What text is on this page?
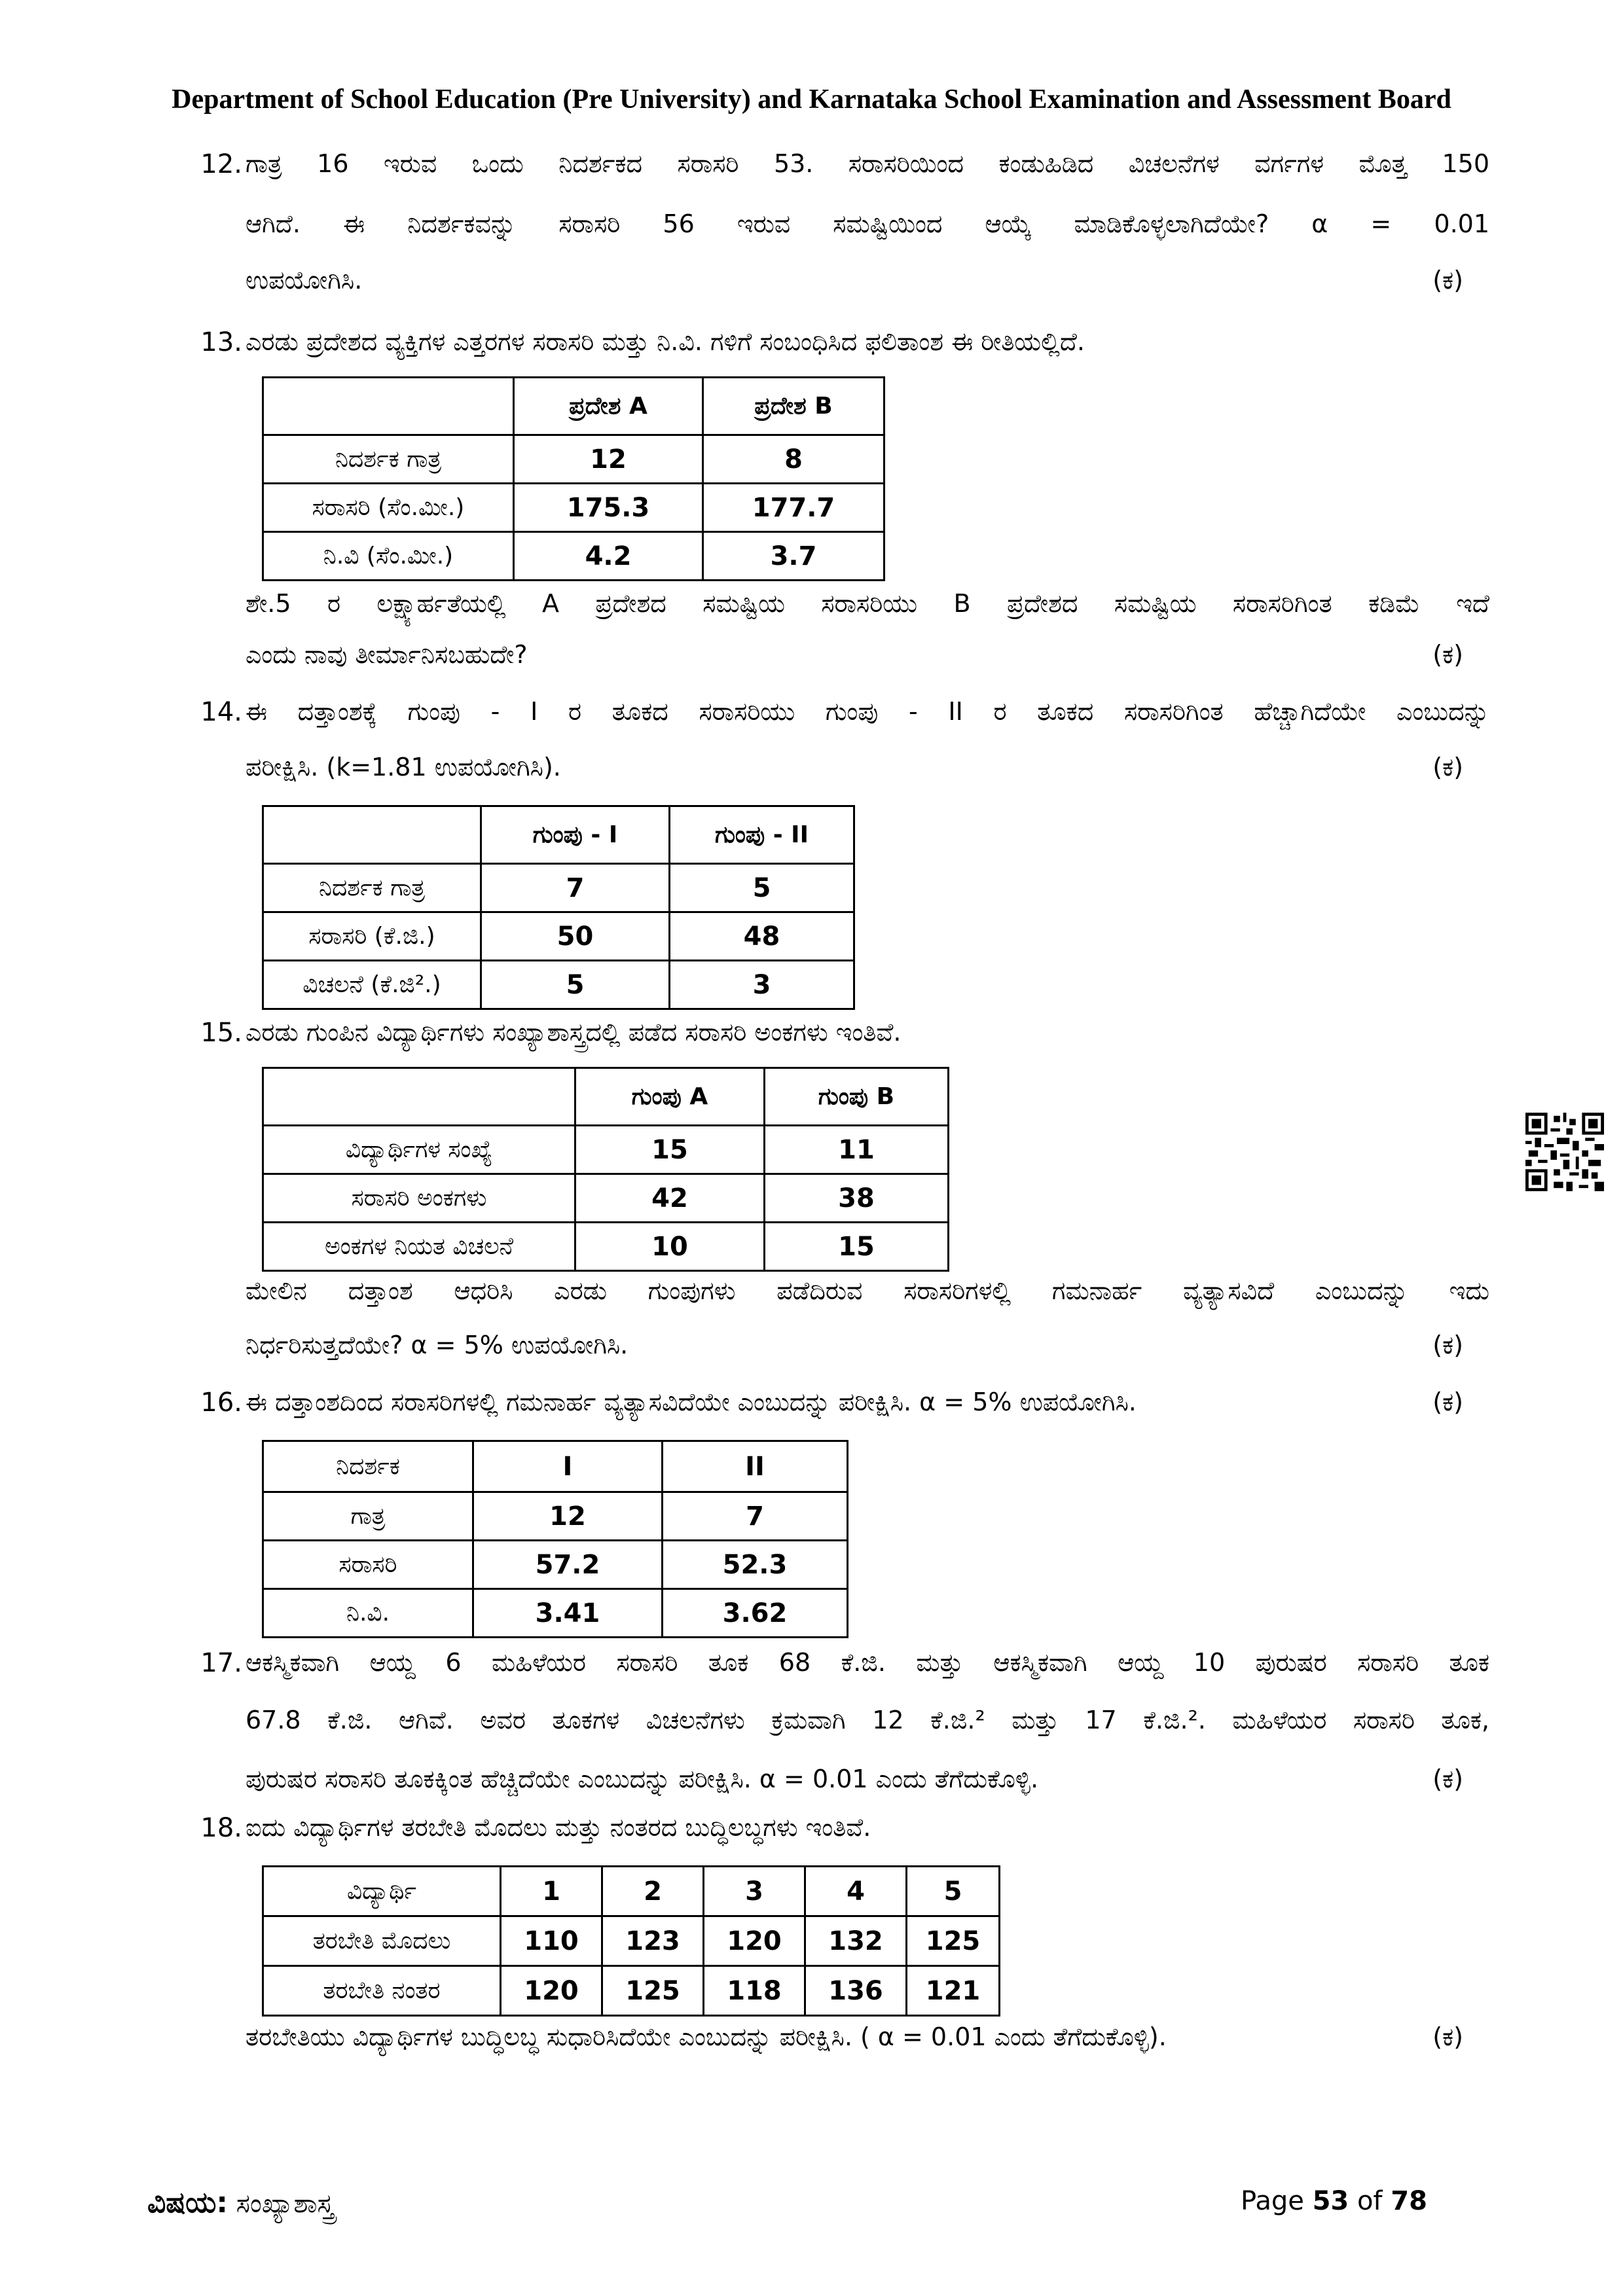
Department of School Education (Pre University) and Karnataka School Examination and Assessment Board
12. ಗಾತ್ರ 16 ಇರುವ ಒಂದು ನಿದರ್ಶಕದ ಸರಾಸರಿ 53. ಸರಾಸರಿಯಿಂದ ಕಂಡುಹಿಡಿದ ವಿಚಲನೆಗಳ ವರ್ಗಗಳ ಮೊತ್ತ 150
ಆಗಿದೆ. ಈ ನಿದರ್ಶಕವನ್ನು ಸರಾಸರಿ 56 ಇರುವ ಸಮಷ್ಟಿಯಿಂದ ಆಯ್ಕೆ ಮಾಡಿಕೊಳ್ಳಲಾಗಿದೆಯೇ? α = 0.01
ಉಪಯೋಗಿಸಿ.	(ಕ)
13. ಎರಡು ಪ್ರದೇಶದ ವ್ಯಕ್ತಿಗಳ ಎತ್ತರಗಳ ಸರಾಸರಿ ಮತ್ತು ನಿ.ವಿ. ಗಳಿಗೆ ಸಂಬಂಧಿಸಿದ ಫಲಿತಾಂಶ ಈ ರೀತಿಯಲ್ಲಿದೆ.
	ಪ್ರದೇಶ A	ಪ್ರದೇಶ B
ನಿದರ್ಶಕ ಗಾತ್ರ	12	8
ಸರಾಸರಿ (ಸೆಂ.ಮೀ.)	175.3	177.7
ನಿ.ವಿ (ಸೆಂ.ಮೀ.)	4.2	3.7
ಶೇ.5 ರ ಲಕ್ಷ್ಯಾರ್ಹತೆಯಲ್ಲಿ A ಪ್ರದೇಶದ ಸಮಷ್ಟಿಯ ಸರಾಸರಿಯು B ಪ್ರದೇಶದ ಸಮಷ್ಟಿಯ ಸರಾಸರಿಗಿಂತ ಕಡಿಮೆ ಇದೆ
ಎಂದು ನಾವು ತೀರ್ಮಾನಿಸಬಹುದೇ?	(ಕ)
14. ಈ ದತ್ತಾಂಶಕ್ಕೆ ಗುಂಪು - I ರ ತೂಕದ ಸರಾಸರಿಯು ಗುಂಪು - II ರ ತೂಕದ ಸರಾಸರಿಗಿಂತ ಹೆಚ್ಚಾಗಿದೆಯೇ ಎಂಬುದನ್ನು
ಪರೀಕ್ಷಿಸಿ. (k=1.81 ಉಪಯೋಗಿಸಿ).	(ಕ)
	ಗುಂಪು - I	ಗುಂಪು - II
ನಿದರ್ಶಕ ಗಾತ್ರ	7	5
ಸರಾಸರಿ (ಕೆ.ಜಿ.)	50	48
ವಿಚಲನೆ (ಕೆ.ಜಿ².)	5	3
15. ಎರಡು ಗುಂಪಿನ ವಿದ್ಯಾರ್ಥಿಗಳು ಸಂಖ್ಯಾಶಾಸ್ತ್ರದಲ್ಲಿ ಪಡೆದ ಸರಾಸರಿ ಅಂಕಗಳು ಇಂತಿವೆ.
	ಗುಂಪು A	ಗುಂಪು B
ವಿದ್ಯಾರ್ಥಿಗಳ ಸಂಖ್ಯೆ	15	11
ಸರಾಸರಿ ಅಂಕಗಳು	42	38
ಅಂಕಗಳ ನಿಯತ ವಿಚಲನೆ	10	15
ಮೇಲಿನ ದತ್ತಾಂಶ ಆಧರಿಸಿ ಎರಡು ಗುಂಪುಗಳು ಪಡೆದಿರುವ ಸರಾಸರಿಗಳಲ್ಲಿ ಗಮನಾರ್ಹ ವ್ಯತ್ಯಾಸವಿದೆ ಎಂಬುದನ್ನು ಇದು
ನಿರ್ಧರಿಸುತ್ತದೆಯೇ? α = 5% ಉಪಯೋಗಿಸಿ.	(ಕ)
16. ಈ ದತ್ತಾಂಶದಿಂದ ಸರಾಸರಿಗಳಲ್ಲಿ ಗಮನಾರ್ಹ ವ್ಯತ್ಯಾಸವಿದೆಯೇ ಎಂಬುದನ್ನು ಪರೀಕ್ಷಿಸಿ. α = 5% ಉಪಯೋಗಿಸಿ.	(ಕ)
ನಿದರ್ಶಕ	I	II
ಗಾತ್ರ	12	7
ಸರಾಸರಿ	57.2	52.3
ನಿ.ವಿ.	3.41	3.62
17. ಆಕಸ್ಮಿಕವಾಗಿ ಆಯ್ದ 6 ಮಹಿಳೆಯರ ಸರಾಸರಿ ತೂಕ 68 ಕೆ.ಜಿ. ಮತ್ತು ಆಕಸ್ಮಿಕವಾಗಿ ಆಯ್ದ 10 ಪುರುಷರ ಸರಾಸರಿ ತೂಕ
67.8 ಕೆ.ಜಿ. ಆಗಿವೆ. ಅವರ ತೂಕಗಳ ವಿಚಲನೆಗಳು ಕ್ರಮವಾಗಿ 12 ಕೆ.ಜಿ.² ಮತ್ತು 17 ಕೆ.ಜಿ.². ಮಹಿಳೆಯರ ಸರಾಸರಿ ತೂಕ,
ಪುರುಷರ ಸರಾಸರಿ ತೂಕಕ್ಕಿಂತ ಹೆಚ್ಚಿದೆಯೇ ಎಂಬುದನ್ನು ಪರೀಕ್ಷಿಸಿ. α = 0.01 ಎಂದು ತೆಗೆದುಕೊಳ್ಳಿ.	(ಕ)
18. ಐದು ವಿದ್ಯಾರ್ಥಿಗಳ ತರಬೇತಿ ಮೊದಲು ಮತ್ತು ನಂತರದ ಬುದ್ಧಿಲಬ್ಧಗಳು ಇಂತಿವೆ.
ವಿದ್ಯಾರ್ಥಿ	1	2	3	4	5
ತರಬೇತಿ ಮೊದಲು	110	123	120	132	125
ತರಬೇತಿ ನಂತರ	120	125	118	136	121
ತರಬೇತಿಯು ವಿದ್ಯಾರ್ಥಿಗಳ ಬುದ್ಧಿಲಬ್ಧ ಸುಧಾರಿಸಿದೆಯೇ ಎಂಬುದನ್ನು ಪರೀಕ್ಷಿಸಿ. ( α = 0.01 ಎಂದು ತೆಗೆದುಕೊಳ್ಳಿ).	(ಕ)
ವಿಷಯ: ಸಂಖ್ಯಾಶಾಸ್ತ್ರ	Page 53 of 78
